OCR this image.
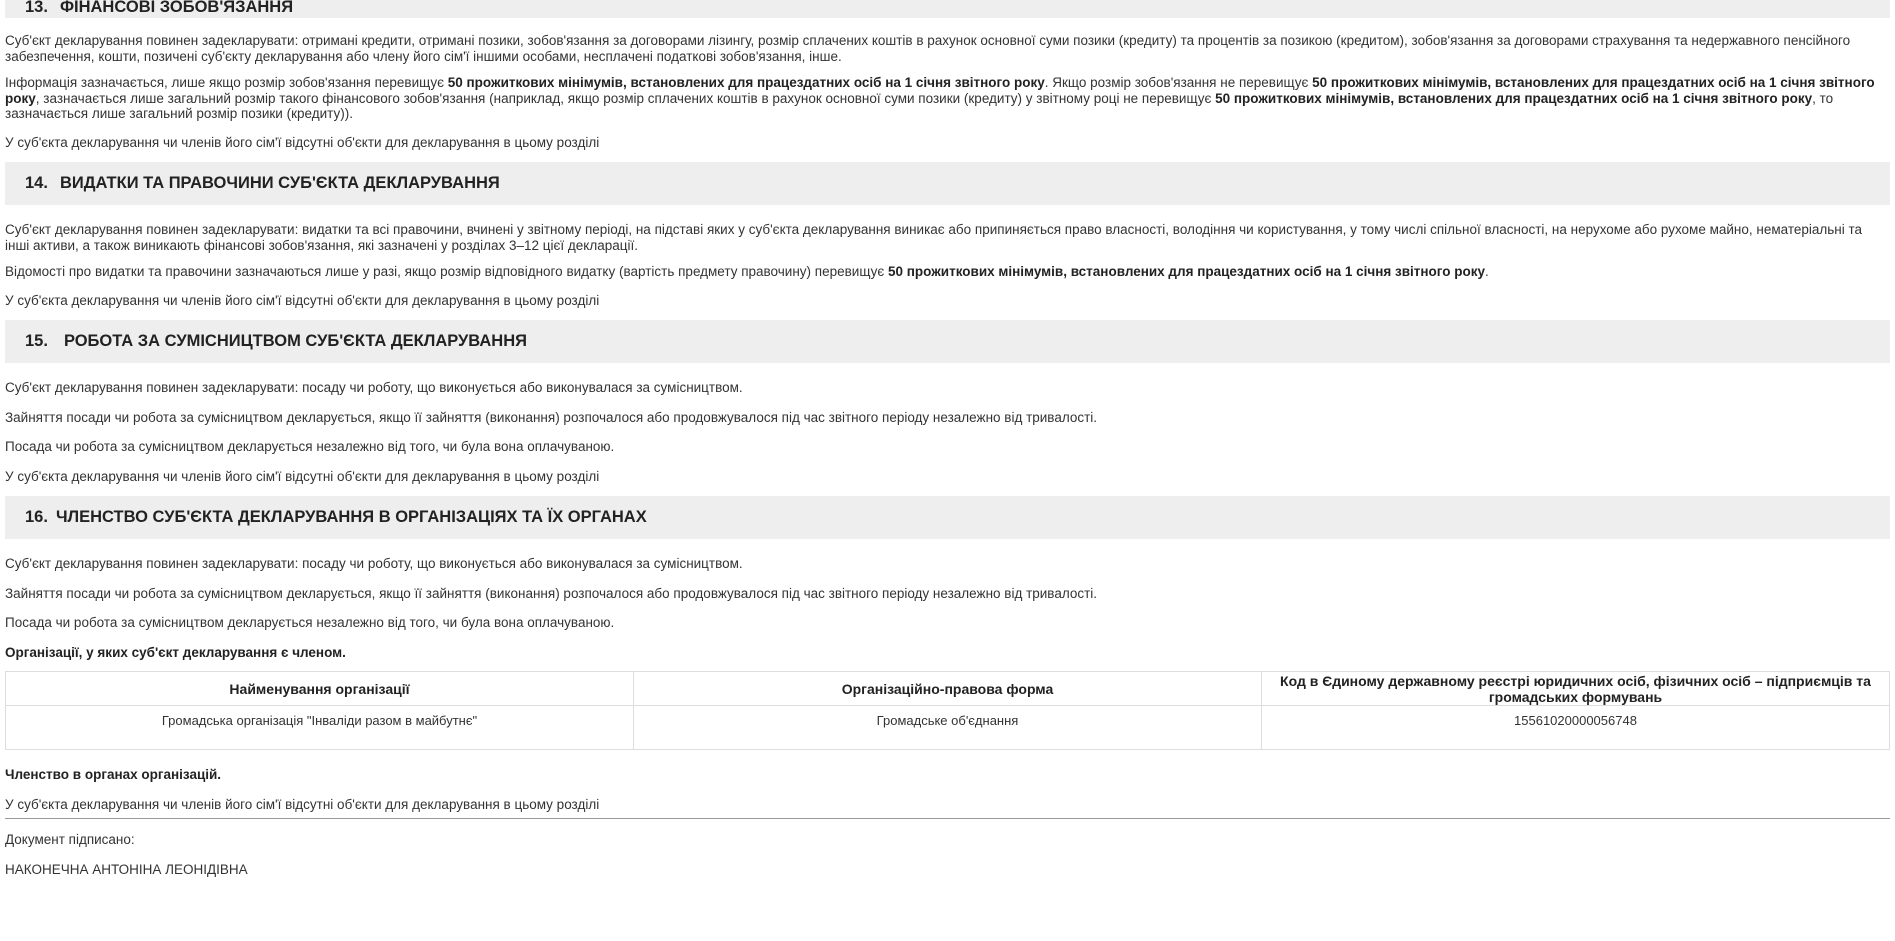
13. ФІНАНСОВІ ЗОБОВ'ЯЗАННЯ

Суб'єкт декларування повинен задекларувати: отримані кредити, отримані позики, зобов'язання за договорами лізингу, розмір сплачених коштів в рахунок основної суми позики (кредиту) та процентів за позикою (кредитом), зобов'язання за договорами страхування та недержавного пенсійного забезпечення, кошти, позичені суб'єкту декларування або члену його сім'ї іншими особами, несплачені податкові зобов'язання, інше.

Інформація зазначається, лише якщо розмір зобов'язання перевищує 50 прожиткових мінімумів, встановлених для працездатних осіб на 1 січня звітного року. Якщо розмір зобов'язання не перевищує 50 прожиткових мінімумів, встановлених для працездатних осіб на 1 січня звітного року, зазначається лише загальний розмір такого фінансового зобов'язання (наприклад, якщо розмір сплачених коштів в рахунок основної суми позики (кредиту) у звітному році не перевищує 50 прожиткових мінімумів, встановлених для працездатних осіб на 1 січня звітного року, то зазначається лише загальний розмір позики (кредиту)).

У суб'єкта декларування чи членів його сім'ї відсутні об'єкти для декларування в цьому розділі

14. ВИДАТКИ ТА ПРАВОЧИНИ СУБ'ЄКТА ДЕКЛАРУВАННЯ

Суб'єкт декларування повинен задекларувати: видатки та всі правочини, вчинені у звітному періоді, на підставі яких у суб'єкта декларування виникає або припиняється право власності, володіння чи користування, у тому числі спільної власності, на нерухоме або рухоме майно, нематеріальні та інші активи, а також виникають фінансові зобов'язання, які зазначені у розділах 3–12 цієї декларації.

Відомості про видатки та правочини зазначаються лише у разі, якщо розмір відповідного видатку (вартість предмету правочину) перевищує 50 прожиткових мінімумів, встановлених для працездатних осіб на 1 січня звітного року.

У суб'єкта декларування чи членів його сім'ї відсутні об'єкти для декларування в цьому розділі

15. РОБОТА ЗА СУМІСНИЦТВОМ СУБ'ЄКТА ДЕКЛАРУВАННЯ

Суб'єкт декларування повинен задекларувати: посаду чи роботу, що виконується або виконувалася за сумісництвом.

Зайняття посади чи робота за сумісництвом декларується, якщо її зайняття (виконання) розпочалося або продовжувалося під час звітного періоду незалежно від тривалості.

Посада чи робота за сумісництвом декларується незалежно від того, чи була вона оплачуваною.

У суб'єкта декларування чи членів його сім'ї відсутні об'єкти для декларування в цьому розділі

16. ЧЛЕНСТВО СУБ'ЄКТА ДЕКЛАРУВАННЯ В ОРГАНІЗАЦІЯХ ТА ЇХ ОРГАНАХ

Суб'єкт декларування повинен задекларувати: посаду чи роботу, що виконується або виконувалася за сумісництвом.

Зайняття посади чи робота за сумісництвом декларується, якщо її зайняття (виконання) розпочалося або продовжувалося під час звітного періоду незалежно від тривалості.

Посада чи робота за сумісництвом декларується незалежно від того, чи була вона оплачуваною.

Організації, у яких суб'єкт декларування є членом.

Найменування організації	Організаційно-правова форма	Код в Єдиному державному реєстрі юридичних осіб, фізичних осіб – підприємців та громадських формувань
Громадська організація "Інваліди разом в майбутнє"	Громадське об'єднання	15561020000056748

Членство в органах організацій.

У суб'єкта декларування чи членів його сім'ї відсутні об'єкти для декларування в цьому розділі

Документ підписано:

НАКОНЕЧНА АНТОНІНА ЛЕОНІДІВНА
